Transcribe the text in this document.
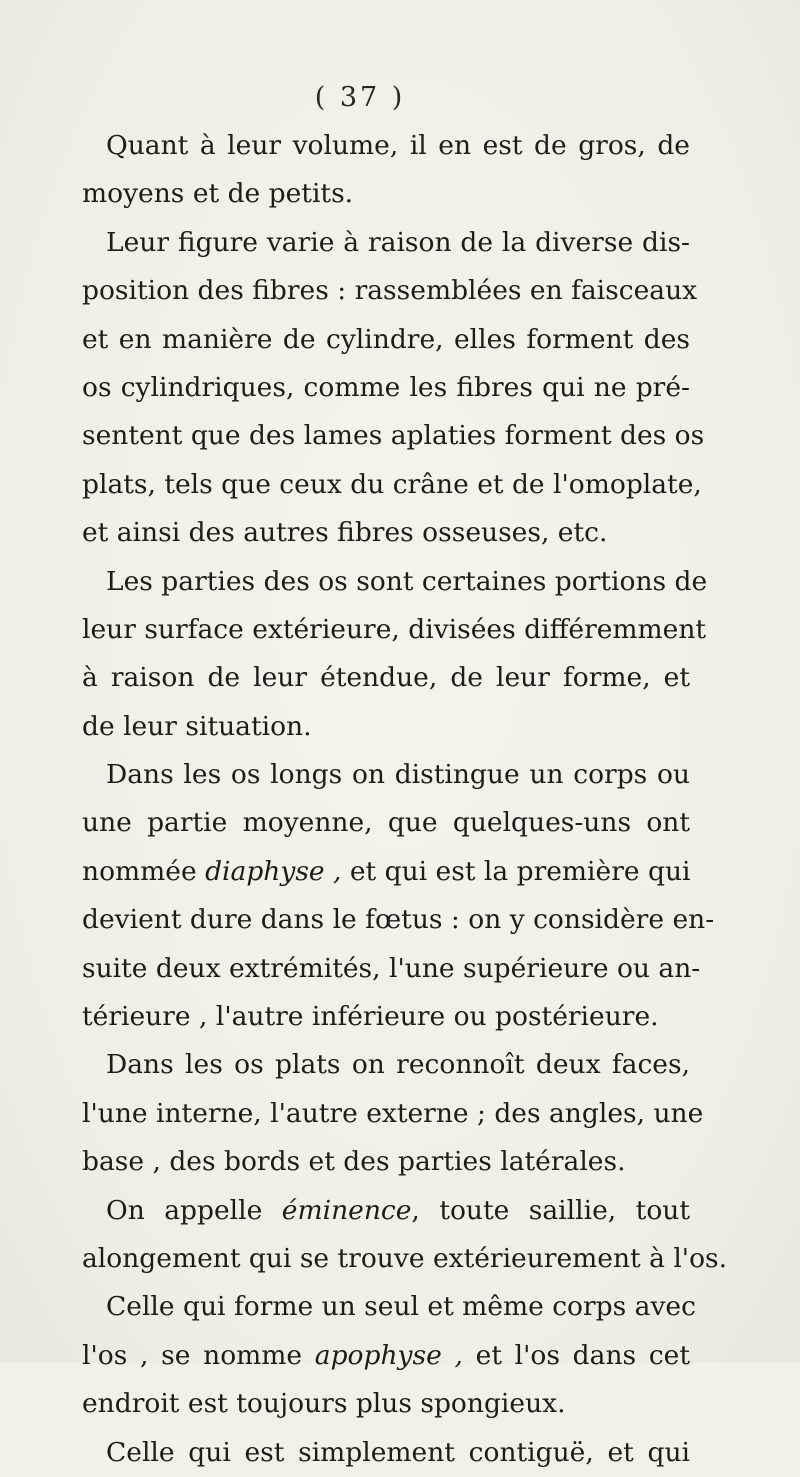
( 37 )
Quant à leur volume, il en est de gros, de
moyens et de petits.
Leur figure varie à raison de la diverse dis-
position des fibres : rassemblées en faisceaux
et en manière de cylindre, elles forment des
os cylindriques, comme les fibres qui ne pré-
sentent que des lames aplaties forment des os
plats, tels que ceux du crâne et de l'omoplate,
et ainsi des autres fibres osseuses, etc.
Les parties des os sont certaines portions de
leur surface extérieure, divisées différemment
à raison de leur étendue, de leur forme, et
de leur situation.
Dans les os longs on distingue un corps ou
une partie moyenne, que quelques-uns ont
nommée diaphyse , et qui est la première qui
devient dure dans le fœtus : on y considère en-
suite deux extrémités, l'une supérieure ou an-
térieure , l'autre inférieure ou postérieure.
Dans les os plats on reconnoît deux faces,
l'une interne, l'autre externe ; des angles, une
base , des bords et des parties latérales.
On appelle éminence, toute saillie, tout
alongement qui se trouve extérieurement à l'os.
Celle qui forme un seul et même corps avec
l'os , se nomme apophyse , et l'os dans cet
endroit est toujours plus spongieux.
Celle qui est simplement contiguë, et qui
